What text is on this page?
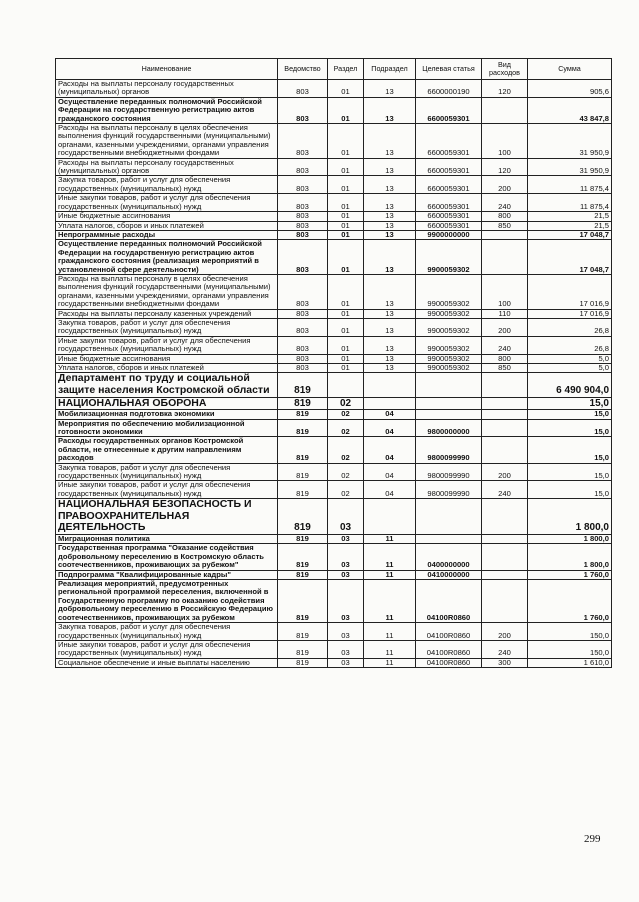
Наименование	Ведомство	Раздел	Подраздел	Целевая статья	Вид расходов	Сумма
Расходы на выплаты персоналу государственных (муниципальных) органов	803	01	13	6600000190	120	905,6
Осуществление переданных полномочий Российской Федерации на государственную регистрацию актов гражданского состояния	803	01	13	6600059301		43 847,8
Расходы на выплаты персоналу в целях обеспечения выполнения функций государственными (муниципальными) органами, казенными учреждениями, органами управления государственными внебюджетными фондами	803	01	13	6600059301	100	31 950,9
Расходы на выплаты персоналу государственных (муниципальных) органов	803	01	13	6600059301	120	31 950,9
Закупка товаров, работ и услуг для обеспечения государственных (муниципальных) нужд	803	01	13	6600059301	200	11 875,4
Иные закупки товаров, работ и услуг для обеспечения государственных (муниципальных) нужд	803	01	13	6600059301	240	11 875,4
Иные бюджетные ассигнования	803	01	13	6600059301	800	21,5
Уплата налогов, сборов и иных платежей	803	01	13	6600059301	850	21,5
Непрограммные расходы	803	01	13	9900000000		17 048,7
Осуществление переданных полномочий Российской Федерации на государственную регистрацию актов гражданского состояния (реализация мероприятий в установленной сфере деятельности)	803	01	13	9900059302		17 048,7
Расходы на выплаты персоналу в целях обеспечения выполнения функций государственными (муниципальными) органами, казенными учреждениями, органами управления государственными внебюджетными фондами	803	01	13	9900059302	100	17 016,9
Расходы на выплаты персоналу казенных учреждений	803	01	13	9900059302	110	17 016,9
Закупка товаров, работ и услуг для обеспечения государственных (муниципальных) нужд	803	01	13	9900059302	200	26,8
Иные закупки товаров, работ и услуг для обеспечения государственных (муниципальных) нужд	803	01	13	9900059302	240	26,8
Иные бюджетные ассигнования	803	01	13	9900059302	800	5,0
Уплата налогов, сборов и иных платежей	803	01	13	9900059302	850	5,0
Департамент по труду и социальной защите населения Костромской области	819					6 490 904,0
НАЦИОНАЛЬНАЯ ОБОРОНА	819	02				15,0
Мобилизационная подготовка экономики	819	02	04			15,0
Мероприятия по обеспечению мобилизационной готовности экономики	819	02	04	9800000000		15,0
Расходы государственных органов Костромской области, не отнесенные к другим направлениям расходов	819	02	04	9800099990		15,0
Закупка товаров, работ и услуг для обеспечения государственных (муниципальных) нужд	819	02	04	9800099990	200	15,0
Иные закупки товаров, работ и услуг для обеспечения государственных (муниципальных) нужд	819	02	04	9800099990	240	15,0
НАЦИОНАЛЬНАЯ БЕЗОПАСНОСТЬ И ПРАВООХРАНИТЕЛЬНАЯ ДЕЯТЕЛЬНОСТЬ	819	03				1 800,0
Миграционная политика	819	03	11			1 800,0
Государственная программа "Оказание содействия добровольному переселению в Костромскую область соотечественников, проживающих за рубежом"	819	03	11	0400000000		1 800,0
Подпрограмма "Квалифицированные кадры"	819	03	11	0410000000		1 760,0
Реализация мероприятий, предусмотренных региональной программой переселения, включенной в Государственную программу по оказанию содействия добровольному переселению в Российскую Федерацию соотечественников, проживающих за рубежом	819	03	11	04100R0860		1 760,0
Закупка товаров, работ и услуг для обеспечения государственных (муниципальных) нужд	819	03	11	04100R0860	200	150,0
Иные закупки товаров, работ и услуг для обеспечения государственных (муниципальных) нужд	819	03	11	04100R0860	240	150,0
Социальное обеспечение и иные выплаты населению	819	03	11	04100R0860	300	1 610,0
299
